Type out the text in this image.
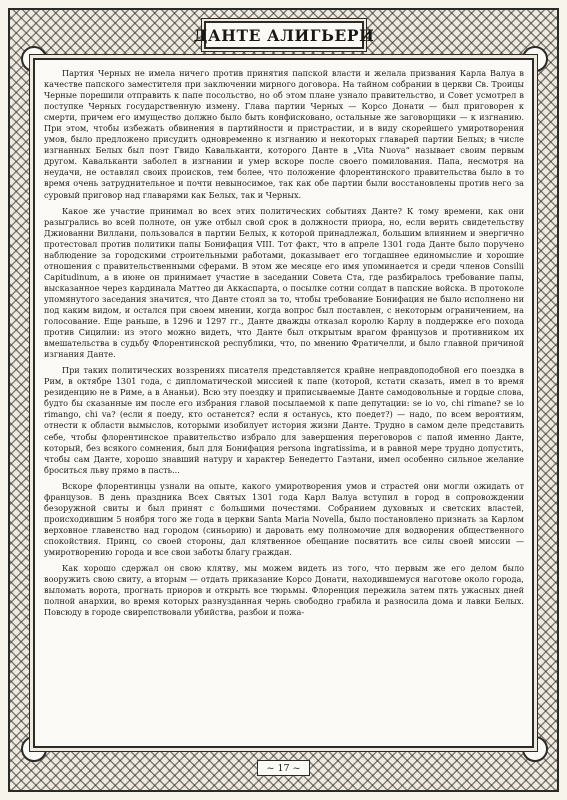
ДАНТЕ АЛИГЬЕРИ

Партия Черных не имела ничего против принятия папской власти и желала призвания Карла Валуа в качестве папского заместителя при заключении мирного договора. На тайном собрании в церкви Св. Троицы Черные порешили отправить к папе посольство, но об этом плане узнало правительство, и Совет усмотрел в поступке Черных государственную измену. Глава партии Черных — Корсо Донати — был приговорен к смерти, причем его имущество должно было быть конфисковано, остальные же заговорщики — к изгнанию. При этом, чтобы избежать обвинения в партийности и пристрастии, и в виду скорейшего умиротворения умов, было предложено присудить одновременно к изгнанию и некоторых главарей партии Белых; в числе изгнанных Белых был поэт Гвидо Кавальканти, которого Данте в „Vita Nuova“ называет своим первым другом. Кавальканти заболел в изгнании и умер вскоре после своего помилования. Папа, несмотря на неудачи, не оставлял своих происков, тем более, что положение флорентинского правительства было в то время очень затруднительное и почти невыносимое, так как обе партии были восстановлены против него за суровый приговор над главарями как Белых, так и Черных.

Какое же участие принимал во всех этих политических событиях Данте? К тому времени, как они разыгрались во всей полноте, он уже отбыл свой срок в должности приора, но, если верить свидетельству Джиованни Виллани, пользовался в партии Белых, к которой принадлежал, большим влиянием и энергично протестовал против политики папы Бонифация VIII. Тот факт, что в апреле 1301 года Данте было поручено наблюдение за городскими строительными работами, доказывает его тогдашнее единомыслие и хорошие отношения с правительственными сферами. В этом же месяце его имя упоминается и среди членов Consilii Capitudinum, а в июне он принимает участие в заседании Совета Ста, где разбиралось требование папы, высказанное через кардинала Маттео ди Аккаспарта, о посылке сотни солдат в папские войска. В протоколе упомянутого заседания значится, что Данте стоял за то, чтобы требование Бонифация не было исполнено ни под каким видом, и остался при своем мнении, когда вопрос был поставлен, с некоторым ограничением, на голосование. Еще раньше, в 1296 и 1297 гг., Данте дважды отказал королю Карлу в поддержке его похода против Сицилии: из этого можно видеть, что Данте был открытым врагом французов и противником их вмешательства в судьбу Флорентинской республики, что, по мнению Фратичелли, и было главной причиной изгнания Данте.

При таких политических воззрениях писателя представляется крайне неправдоподобной его поездка в Рим, в октябре 1301 года, с дипломатической миссией к папе (которой, кстати сказать, имел в то время резиденцию не в Риме, а в Ананьи). Всю эту поездку и приписываемые Данте самодовольные и гордые слова, будто бы сказанные им после его избрания главой посылаемой к папе депутации: se io vo, chi rimane? se io rimango, chi va? (если я поеду, кто останется? если я останусь, кто поедет?) — надо, по всем вероятиям, отнести к области вымыслов, которыми изобилует история жизни Данте. Трудно в самом деле представить себе, чтобы флорентинское правительство избрало для завершения переговоров с папой именно Данте, который, без всякого сомнения, был для Бонифация persona ingratissima, и в равной мере трудно допустить, чтобы сам Данте, хорошо знавший натуру и характер Бенедетто Гаэтани, имел особенно сильное желание броситься льву прямо в пасть...

Вскоре флорентинцы узнали на опыте, какого умиротворения умов и страстей они могли ожидать от французов. В день праздника Всех Святых 1301 года Карл Валуа вступил в город в сопровождении безоружной свиты и был принят с большими почестями. Собранием духовных и светских властей, происходившим 5 ноября того же года в церкви Santa Maria Novella, было постановлено признать за Карлом верховное главенство над городом (синьорию) и даровать ему полномочие для водворения общественного спокойствия. Принц, со своей стороны, дал клятвенное обещание посвятить все силы своей миссии — умиротворению города и все свои заботы благу граждан.

Как хорошо сдержал он свою клятву, мы можем видеть из того, что первым же его делом было вооружить свою свиту, а вторым — отдать приказание Корсо Донати, находившемуся наготове около города, выломать ворота, прогнать приоров и открыть все тюрьмы. Флоренция пережила затем пять ужасных дней полной анархии, во время которых разнузданная чернь свободно грабила и разносила дома и лавки Белых. Повсюду в городе свирепствовали убийства, разбои и пожа-

~ 17 ~
